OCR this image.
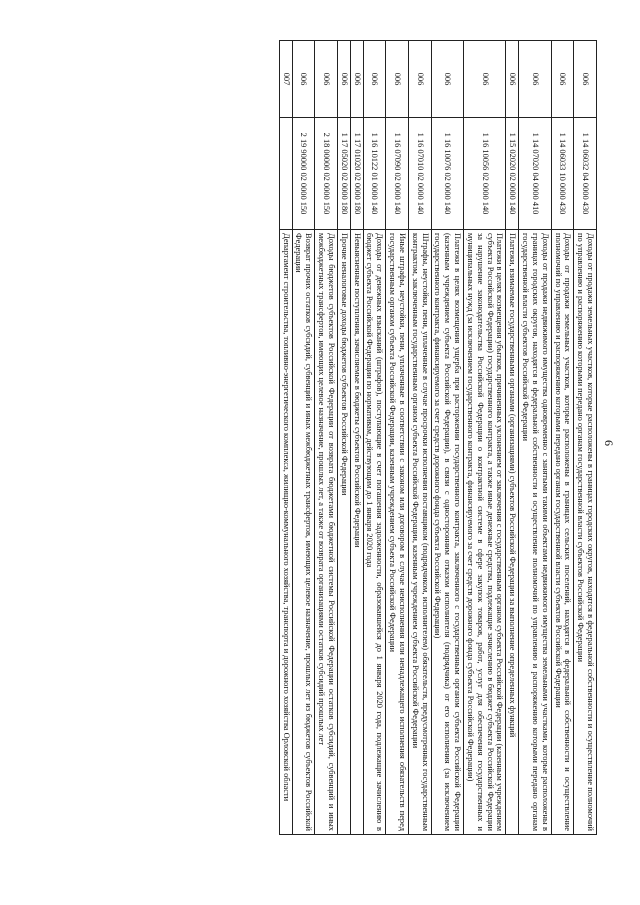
6
006	1 14 06032 04 0000 430	Доходы от продажи земельных участков, которые расположены в границах городских округов, находятся в федеральной собственности и осуществление полномочий по управлению и распоряжению которыми передано органам государственной власти субъектов Российской Федерации
006	1 14 06033 10 0000 430	Доходы от продажи земельных участков, которые расположены в границах сельских поселений, находятся в федеральной собственности и осуществление полномочий по управлению и распоряжению которыми передано органам государственной власти субъектов Российской Федерации
006	1 14 07020 04 0000 410	Доходы от продажи недвижимого имущества одновременно с занятыми такими объектами недвижимого имущества земельными участками, которые расположены в границах городских округов, находятся в федеральной собственности и осуществление полномочий по управлению и распоряжению которыми передано органам государственной власти субъектов Российской Федерации
006	1 15 02020 02 0000 140	Платежи, взимаемые государственными органами (организациями) субъектов Российской Федерации за выполнение определенных функций
006	1 16 10056 02 0000 140	Платежи в целях возмещения убытков, причиненных уклонением от заключения с государственным органом субъекта Российской Федерации (казенным учреждением субъекта Российской Федерации) государственного контракта, а также иные денежные средства, подлежащие зачислению в бюджет субъекта Российской Федерации за нарушение законодательства Российской Федерации о контрактной системе в сфере закупок товаров, работ, услуг для обеспечения государственных и муниципальных нужд (за исключением государственного контракта, финансируемого за счет средств дорожного фонда субъекта Российской Федерации)
006	1 16 10076 02 0000 140	Платежи в целях возмещения ущерба при расторжении государственного контракта, заключенного с государственным органом субъекта Российской Федерации (казенным учреждением субъекта Российской Федерации), в связи с односторонним отказом исполнителя (подрядчика) от его исполнения (за исключением государственного контракта, финансируемого за счет средств дорожного фонда субъекта Российской Федерации)
006	1 16 07010 02 0000 140	Штрафы, неустойки, пени, уплаченные в случае просрочки исполнения поставщиком (подрядчиком, исполнителем) обязательств, предусмотренных государственным контрактом, заключенным государственным органом субъекта Российской Федерации, казенным учреждением субъекта Российской Федерации
006	1 16 07090 02 0000 140	Иные штрафы, неустойки, пени, уплаченные в соответствии с законом или договором в случае неисполнения или ненадлежащего исполнения обязательств перед государственным органом субъекта Российской Федерации, казенным учреждением субъекта Российской Федерации
006	1 16 10122 01 0000 140	Доходы от денежных взысканий (штрафов), поступающие в счет погашения задолженности, образовавшейся до 1 января 2020 года, подлежащие зачислению в бюджет субъекта Российской Федерации по нормативам, действующим до 1 января 2020 года
006	1 17 01020 02 0000 180	Невыясненные поступления, зачисляемые в бюджеты субъектов Российской Федерации
006	1 17 05020 02 0000 180	Прочие неналоговые доходы бюджетов субъектов Российской Федерации
006	2 18 00000 02 0000 150	Доходы бюджетов субъектов Российской Федерации от возврата бюджетами бюджетной системы Российской Федерации остатков субсидий, субвенций и иных межбюджетных трансфертов, имеющих целевое назначение, прошлых лет, а также от возврата организациями остатков субсидий прошлых лет
006	2 19 90000 02 0000 150	Возврат прочих остатков субсидий, субвенций и иных межбюджетных трансфертов, имеющих целевое назначение, прошлых лет из бюджетов субъектов Российской Федерации
007		Департамент строительства, топливно-энергетического комплекса, жилищно-коммунального хозяйства, транспорта и дорожного хозяйства Орловской области
